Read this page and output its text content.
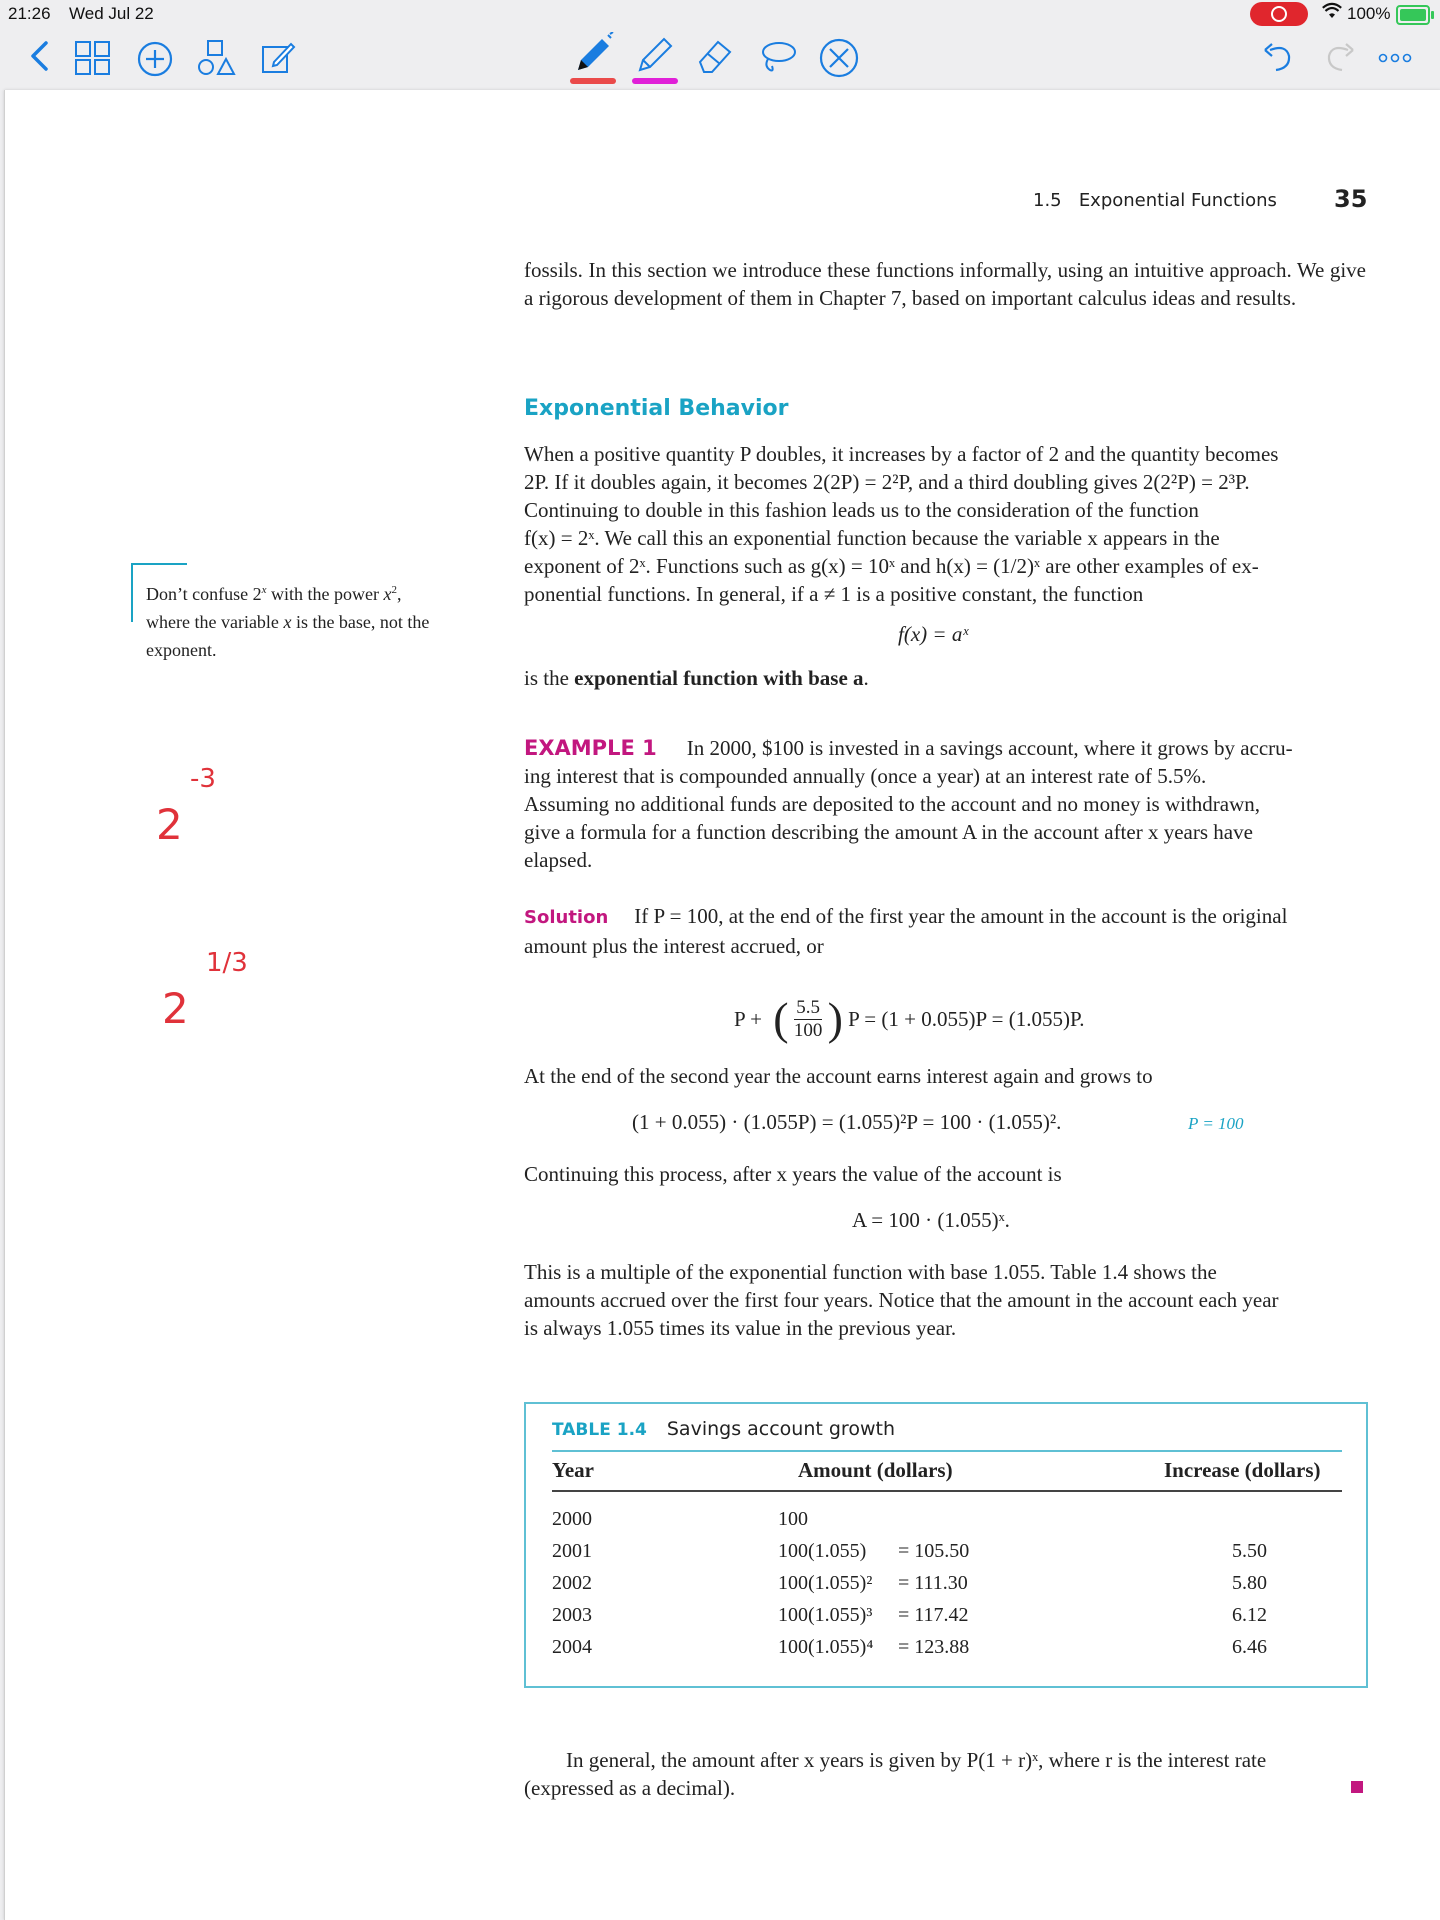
21:26 Wed Jul 22	100%
1.5 Exponential Functions 35
fossils. In this section we introduce these functions informally, using an intuitive approach. We give a rigorous development of them in Chapter 7, based on important calculus ideas and results.
Exponential Behavior
When a positive quantity P doubles, it increases by a factor of 2 and the quantity becomes
2P. If it doubles again, it becomes 2(2P) = 2²P, and a third doubling gives 2(2²P) = 2³P.
Continuing to double in this fashion leads us to the consideration of the function
f(x) = 2ˣ. We call this an exponential function because the variable x appears in the
exponent of 2ˣ. Functions such as g(x) = 10ˣ and h(x) = (1/2)ˣ are other examples of ex-
ponential functions. In general, if a ≠ 1 is a positive constant, the function
f(x) = aˣ
is the exponential function with base a.
Don’t confuse 2$^x$ with the power $x^2$,
where the variable x is the base, not the exponent.
2
-3
2
1/3
EXAMPLE 1 In 2000, $100 is invested in a savings account, where it grows by accru-
ing interest that is compounded annually (once a year) at an interest rate of 5.5%.
Assuming no additional funds are deposited to the account and no money is withdrawn,
give a formula for a function describing the amount A in the account after x years have
elapsed.
Solution If P = 100, at the end of the first year the amount in the account is the original
amount plus the interest accrued, or
P + ( $\frac{5.5}{100}$ ) P = (1 + 0.055)P = (1.055)P.
At the end of the second year the account earns interest again and grows to
(1 + 0.055) · (1.055P) = (1.055)²P = 100 · (1.055)².	P = 100
Continuing this process, after x years the value of the account is
A = 100 · (1.055)ˣ.
This is a multiple of the exponential function with base 1.055. Table 1.4 shows the
amounts accrued over the first four years. Notice that the amount in the account each year
is always 1.055 times its value in the previous year.
TABLE 1.4 Savings account growth
Year	Amount (dollars)	Increase (dollars)
2000	100
2001	100(1.055) = 105.50	5.50
2002	100(1.055)² = 111.30	5.80
2003	100(1.055)³ = 117.42	6.12
2004	100(1.055)⁴ = 123.88	6.46
In general, the amount after x years is given by P(1 + r)ˣ, where r is the interest rate
(expressed as a decimal).
